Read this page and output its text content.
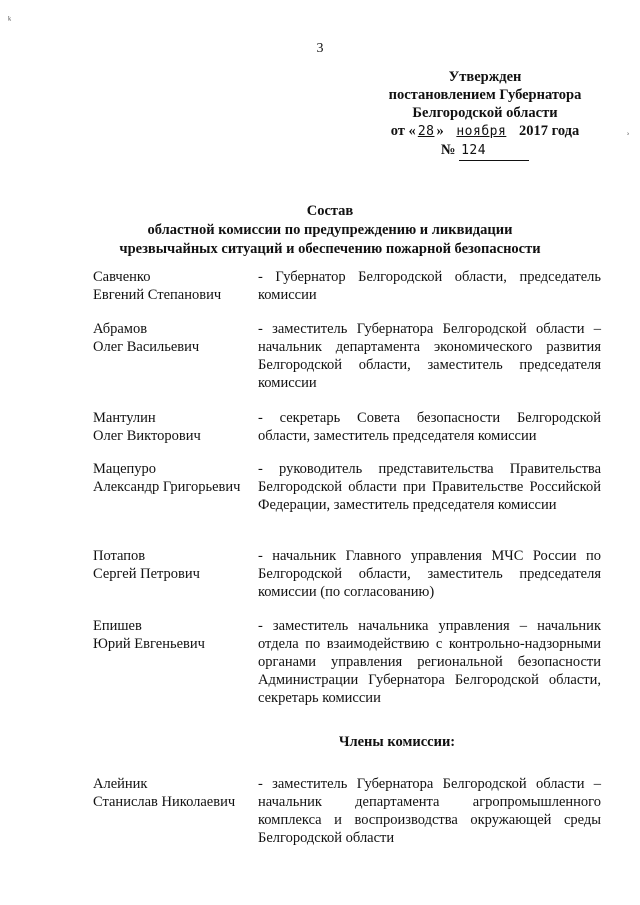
ᵏ
ʾ
3
Утвержден
постановлением Губернатора
Белгородской области
от « 28 » ноября 2017 года
№ 124
Состав
областной комиссии по предупреждению и ликвидации
чрезвычайных ситуаций и обеспечению пожарной безопасности
Савченко
Евгений Степанович
- Губернатор Белгородской области, председатель комиссии
Абрамов
Олег Васильевич
- заместитель Губернатора Белгородской области – начальник департамента экономического развития Белгородской области, заместитель председателя комиссии
Мантулин
Олег Викторович
- секретарь Совета безопасности Белгородской области, заместитель председателя комиссии
Мацепуро
Александр Григорьевич
- руководитель представительства Правительства Белгородской области при Правительстве Российской Федерации, заместитель председателя комиссии
Потапов
Сергей Петрович
- начальник Главного управления МЧС России по Белгородской области, заместитель председателя комиссии (по согласованию)
Епишев
Юрий Евгеньевич
- заместитель начальника управления – начальник отдела по взаимодействию с контрольно-надзорными органами управления региональной безопасности Администрации Губернатора Белгородской области, секретарь комиссии
Члены комиссии:
Алейник
Станислав Николаевич
- заместитель Губернатора Белгородской области – начальник департамента агропромышленного комплекса и воспроизводства окружающей среды Белгородской области
